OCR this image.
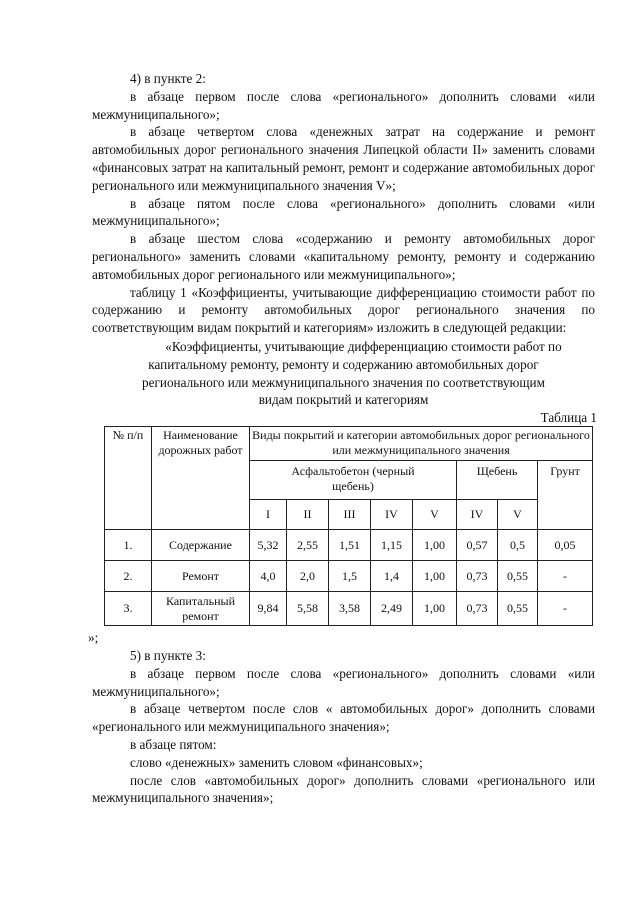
4) в пункте 2:

в абзаце первом после слова «регионального» дополнить словами «или межмуниципального»;

в абзаце четвертом слова «денежных затрат на содержание и ремонт автомобильных дорог регионального значения Липецкой области II» заменить словами «финансовых затрат на капитальный ремонт, ремонт и содержание автомобильных дорог регионального или межмуниципального значения V»;

в абзаце пятом после слова «регионального» дополнить словами «или межмуниципального»;

в абзаце шестом слова «содержанию и ремонту автомобильных дорог регионального» заменить словами «капитальному ремонту, ремонту и содержанию автомобильных дорог регионального или межмуниципального»;

таблицу 1 «Коэффициенты, учитывающие дифференциацию стоимости работ по содержанию и ремонту автомобильных дорог регионального значения по соответствующим видам покрытий и категориям» изложить в следующей редакции:

«Коэффициенты, учитывающие дифференциацию стоимости работ по

капитальному ремонту, ремонту и содержанию автомобильных дорог

регионального или межмуниципального значения по соответствующим

видам покрытий и категориям

Таблица 1

№ п/п	Наименование дорожных работ	Виды покрытий и категории автомобильных дорог регионального или межмуниципального значения							
		Асфальтобетон (черный щебень)					Щебень		Грунт
		I	II	III	IV	V	IV	V	
1.	Содержание	5,32	2,55	1,51	1,15	1,00	0,57	0,5	0,05
2.	Ремонт	4,0	2,0	1,5	1,4	1,00	0,73	0,55	-
3.	Капитальный ремонт	9,84	5,58	3,58	2,49	1,00	0,73	0,55	-

»;

5) в пункте 3:

в абзаце первом после слова «регионального» дополнить словами «или межмуниципального»;

в абзаце четвертом после слов « автомобильных дорог» дополнить словами «регионального или межмуниципального значения»;

в абзаце пятом:

слово «денежных» заменить словом «финансовых»;

после слов «автомобильных дорог» дополнить словами «регионального или межмуниципального значения»;
